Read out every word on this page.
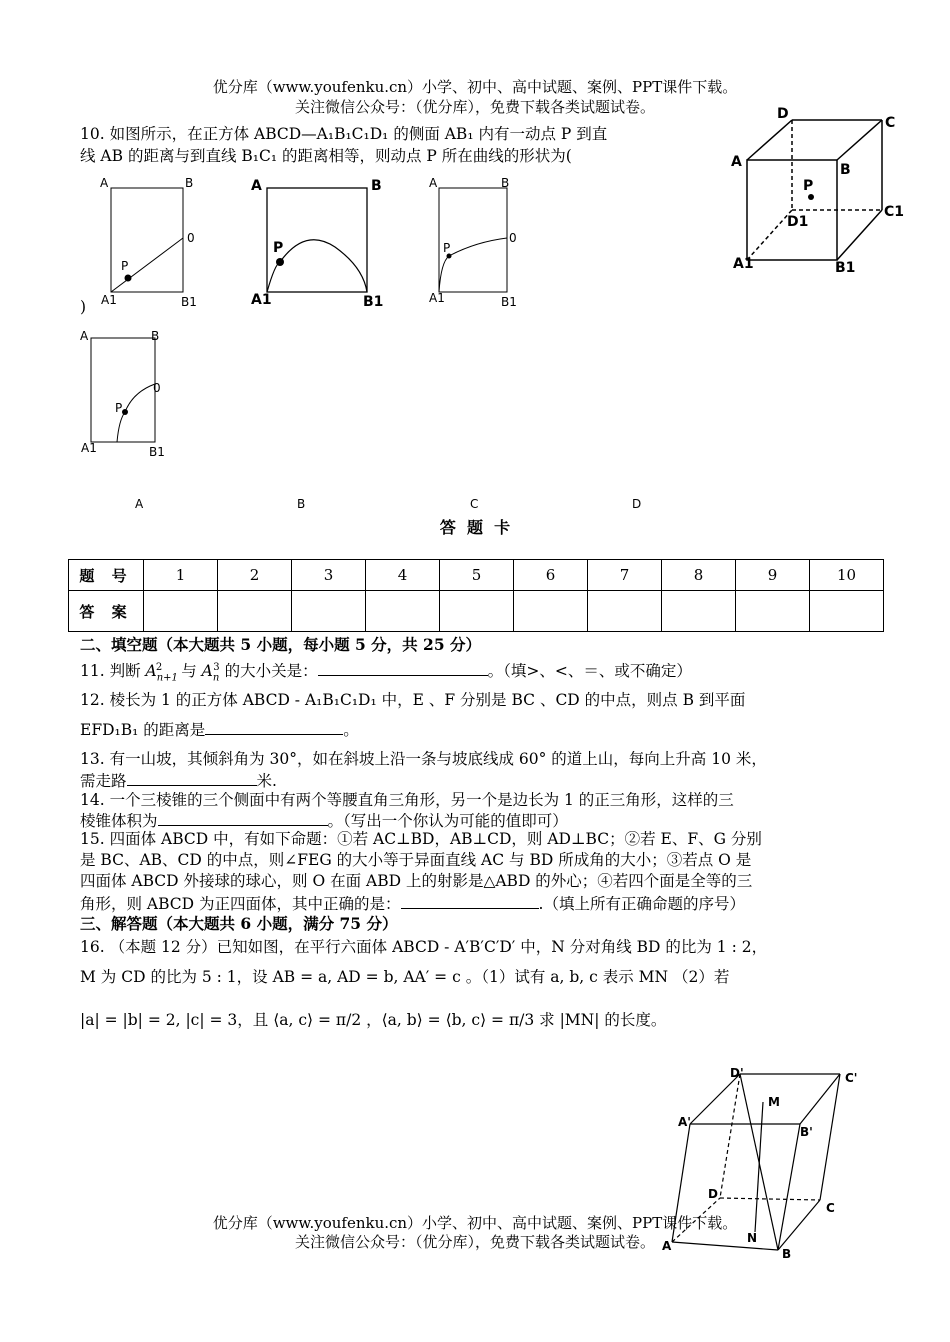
优分库（www.youfenku.cn）小学、初中、高中试题、案例、PPT课件下载。
关注微信公众号：（优分库），免费下载各类试题试卷。
10. 如图所示，在正方体 ABCD—A₁B₁C₁D₁ 的侧面 AB₁ 内有一动点 P 到直
线 AB 的距离与到直线 B₁C₁ 的距离相等，则动点 P 所在曲线的形状为(
)
D
C
A	B
P
D1
C1
A1	B1
A	B
0
P
A1	B1
A	B
P
A1	B1
A	B
0
P
A1	B1
A	B
0
P
A1	B1
A	B	C	D
答  题  卡
题 号	1	2	3	4	5	6	7	8	9	10
答 案										
二、填空题（本大题共 5 小题，每小题 5 分，共 25 分）
11. 判断 $A_{n+1}^2$ 与 $A_n^3$ 的大小关是：	。（填>、<、＝、或不确定）
12. 棱长为 1 的正方体 ABCD - A₁B₁C₁D₁ 中，E 、F 分别是 BC 、CD 的中点，则点 B 到平面
EFD₁B₁ 的距离是	。
13. 有一山坡，其倾斜角为 30°，如在斜坡上沿一条与坡底线成 60° 的道上山，每向上升高 10 米，
需走路	米.
14. 一个三棱锥的三个侧面中有两个等腰直角三角形，另一个是边长为 1 的正三角形，这样的三
棱锥体积为	。（写出一个你认为可能的值即可）
15. 四面体 ABCD 中，有如下命题：①若 AC⊥BD，AB⊥CD，则 AD⊥BC；②若 E、F、G 分别
是 BC、AB、CD 的中点，则∠FEG 的大小等于异面直线 AC 与 BD 所成角的大小；③若点 O 是
四面体 ABCD 外接球的球心，则 O 在面 ABD 上的射影是△ABD 的外心；④若四个面是全等的三
角形，则 ABCD 为正四面体，其中正确的是：	.（填上所有正确命题的序号）
三、解答题（本大题共 6 小题，满分 75 分）
16. （本题 12 分）已知如图，在平行六面体 ABCD - A′B′C′D′ 中，N 分对角线 BD 的比为 1 : 2，
M 为 CD 的比为 5 : 1，设 AB = a, AD = b, AA′ = c 。（1）试有 a, b, c 表示 MN （2）若
|a| = |b| = 2, |c| = 3，且 ⟨a, c⟩ = π/2 ，⟨a, b⟩ = ⟨b, c⟩ = π/3 求 |MN| 的长度。
D'	C'
M
A'
B'
D
C
A
N
B
优分库（www.youfenku.cn）小学、初中、高中试题、案例、PPT课件下载。
关注微信公众号：（优分库），免费下载各类试题试卷。
